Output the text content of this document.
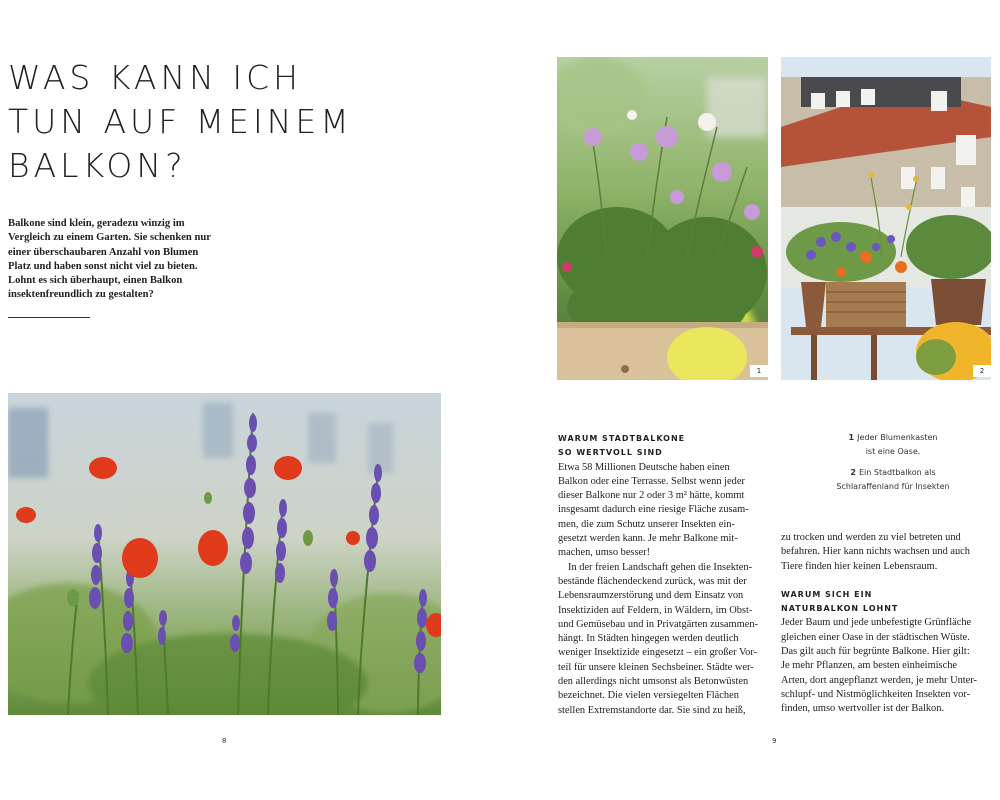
WAS KANN ICH
TUN AUF MEINEM
BALKON?
Balkone sind klein, geradezu winzig im
Vergleich zu einem Garten. Sie schenken nur
einer überschaubaren Anzahl von Blumen
Platz und haben sonst nicht viel zu bieten.
Lohnt es sich überhaupt, einen Balkon
insektenfreundlich zu gestalten?
8
1	2
WARUM STADTBALKONE
SO WERTVOLL SIND
Etwa 58 Millionen Deutsche haben einen
Balkon oder eine Terrasse. Selbst wenn jeder
dieser Balkone nur 2 oder 3 m² hätte, kommt
insgesamt dadurch eine riesige Fläche zusam-
men, die zum Schutz unserer Insekten ein-
gesetzt werden kann. Je mehr Balkone mit-
machen, umso besser!
In der freien Landschaft gehen die Insekten-
bestände flächendeckend zurück, was mit der
Lebensraumzerstörung und dem Einsatz von
Insektiziden auf Feldern, in Wäldern, im Obst-
und Gemüsebau und in Privatgärten zusammen-
hängt. In Städten hingegen werden deutlich
weniger Insektizide eingesetzt – ein großer Vor-
teil für unsere kleinen Sechsbeiner. Städte wer-
den allerdings nicht umsonst als Betonwüsten
bezeichnet. Die vielen versiegelten Flächen
stellen Extremstandorte dar. Sie sind zu heiß,
1 Jeder Blumenkasten
ist eine Oase.
2 Ein Stadtbalkon als
Schlaraffenland für Insekten
zu trocken und werden zu viel betreten und
befahren. Hier kann nichts wachsen und auch
Tiere finden hier keinen Lebensraum.
WARUM SICH EIN
NATURBALKON LOHNT
Jeder Baum und jede unbefestigte Grünfläche
gleichen einer Oase in der städtischen Wüste.
Das gilt auch für begrünte Balkone. Hier gilt:
Je mehr Pflanzen, am besten einheimische
Arten, dort angepflanzt werden, je mehr Unter-
schlupf- und Nistmöglichkeiten Insekten vor-
finden, umso wertvoller ist der Balkon.
9
